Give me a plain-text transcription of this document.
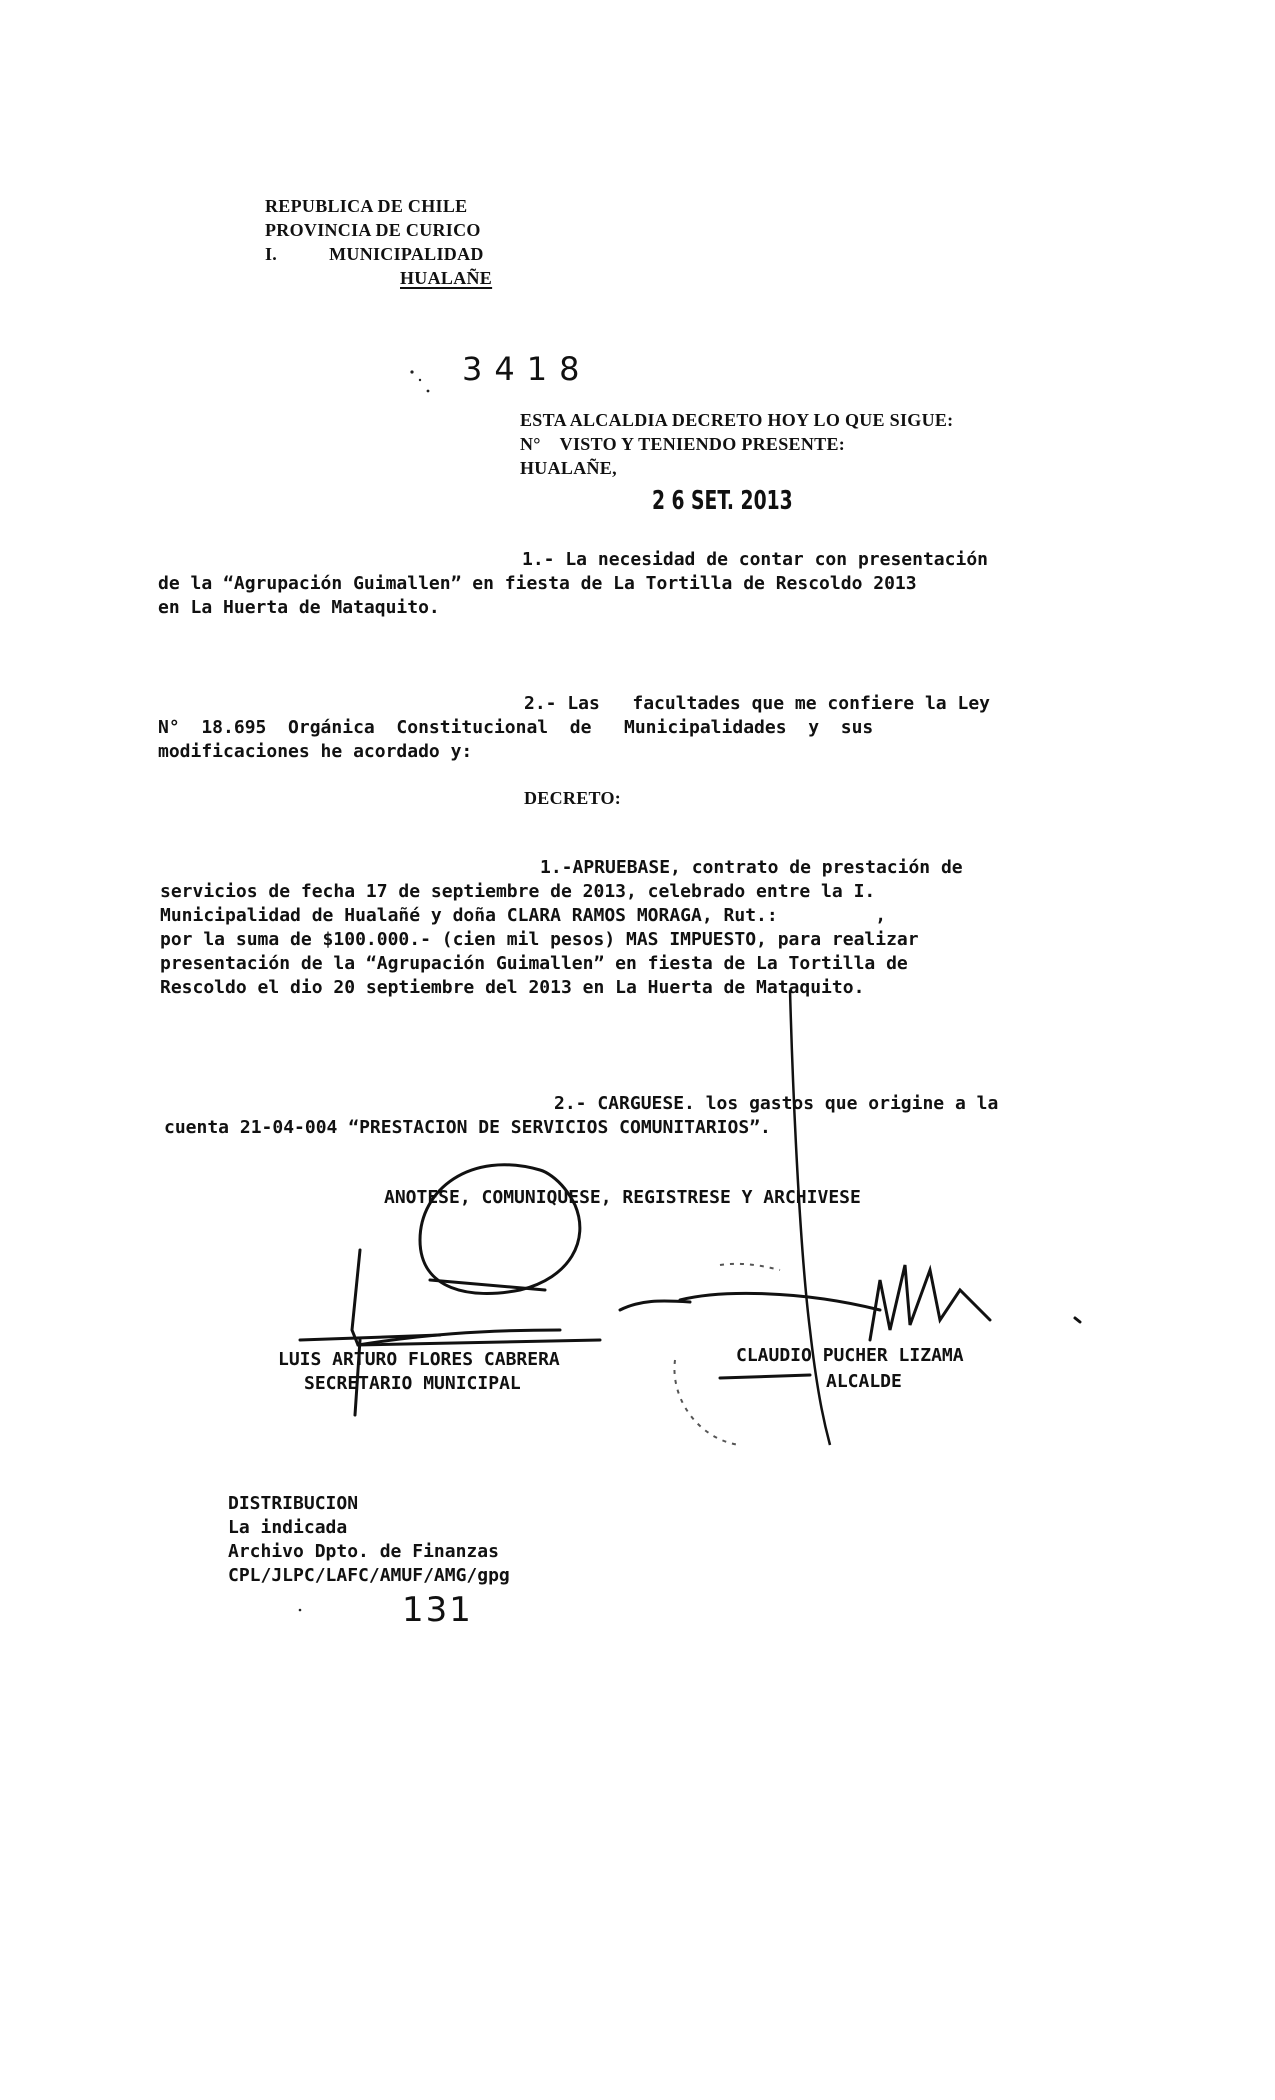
REPUBLICA DE CHILE
PROVINCIA DE CURICO
I.	MUNICIPALIDAD
HUALAÑE
3418
ESTA ALCALDIA DECRETO HOY LO QUE SIGUE:
N°    VISTO Y TENIENDO PRESENTE:
HUALAÑE,
2 6 SET. 2013
1.- La necesidad de contar con presentación
de la “Agrupación Guimallen” en fiesta de La Tortilla de Rescoldo 2013
en La Huerta de Mataquito.
2.- Las   facultades que me confiere la Ley
N°  18.695  Orgánica  Constitucional  de   Municipalidades  y  sus
modificaciones he acordado y:
DECRETO:
1.-APRUEBASE, contrato de prestación de
servicios de fecha 17 de septiembre de 2013, celebrado entre la I.
Municipalidad de Hualañé y doña CLARA RAMOS MORAGA, Rut.:         ,
por la suma de $100.000.- (cien mil pesos) MAS IMPUESTO, para realizar
presentación de la “Agrupación Guimallen” en fiesta de La Tortilla de
Rescoldo el dio 20 septiembre del 2013 en La Huerta de Mataquito.
2.- CARGUESE. los gastos que origine a la
cuenta 21-04-004 “PRESTACION DE SERVICIOS COMUNITARIOS”.
ANOTESE, COMUNIQUESE, REGISTRESE Y ARCHIVESE
LUIS ARTURO FLORES CABRERA
SECRETARIO MUNICIPAL
CLAUDIO PUCHER LIZAMA
ALCALDE
DISTRIBUCION
La indicada
Archivo Dpto. de Finanzas
CPL/JLPC/LAFC/AMUF/AMG/gpg
131
